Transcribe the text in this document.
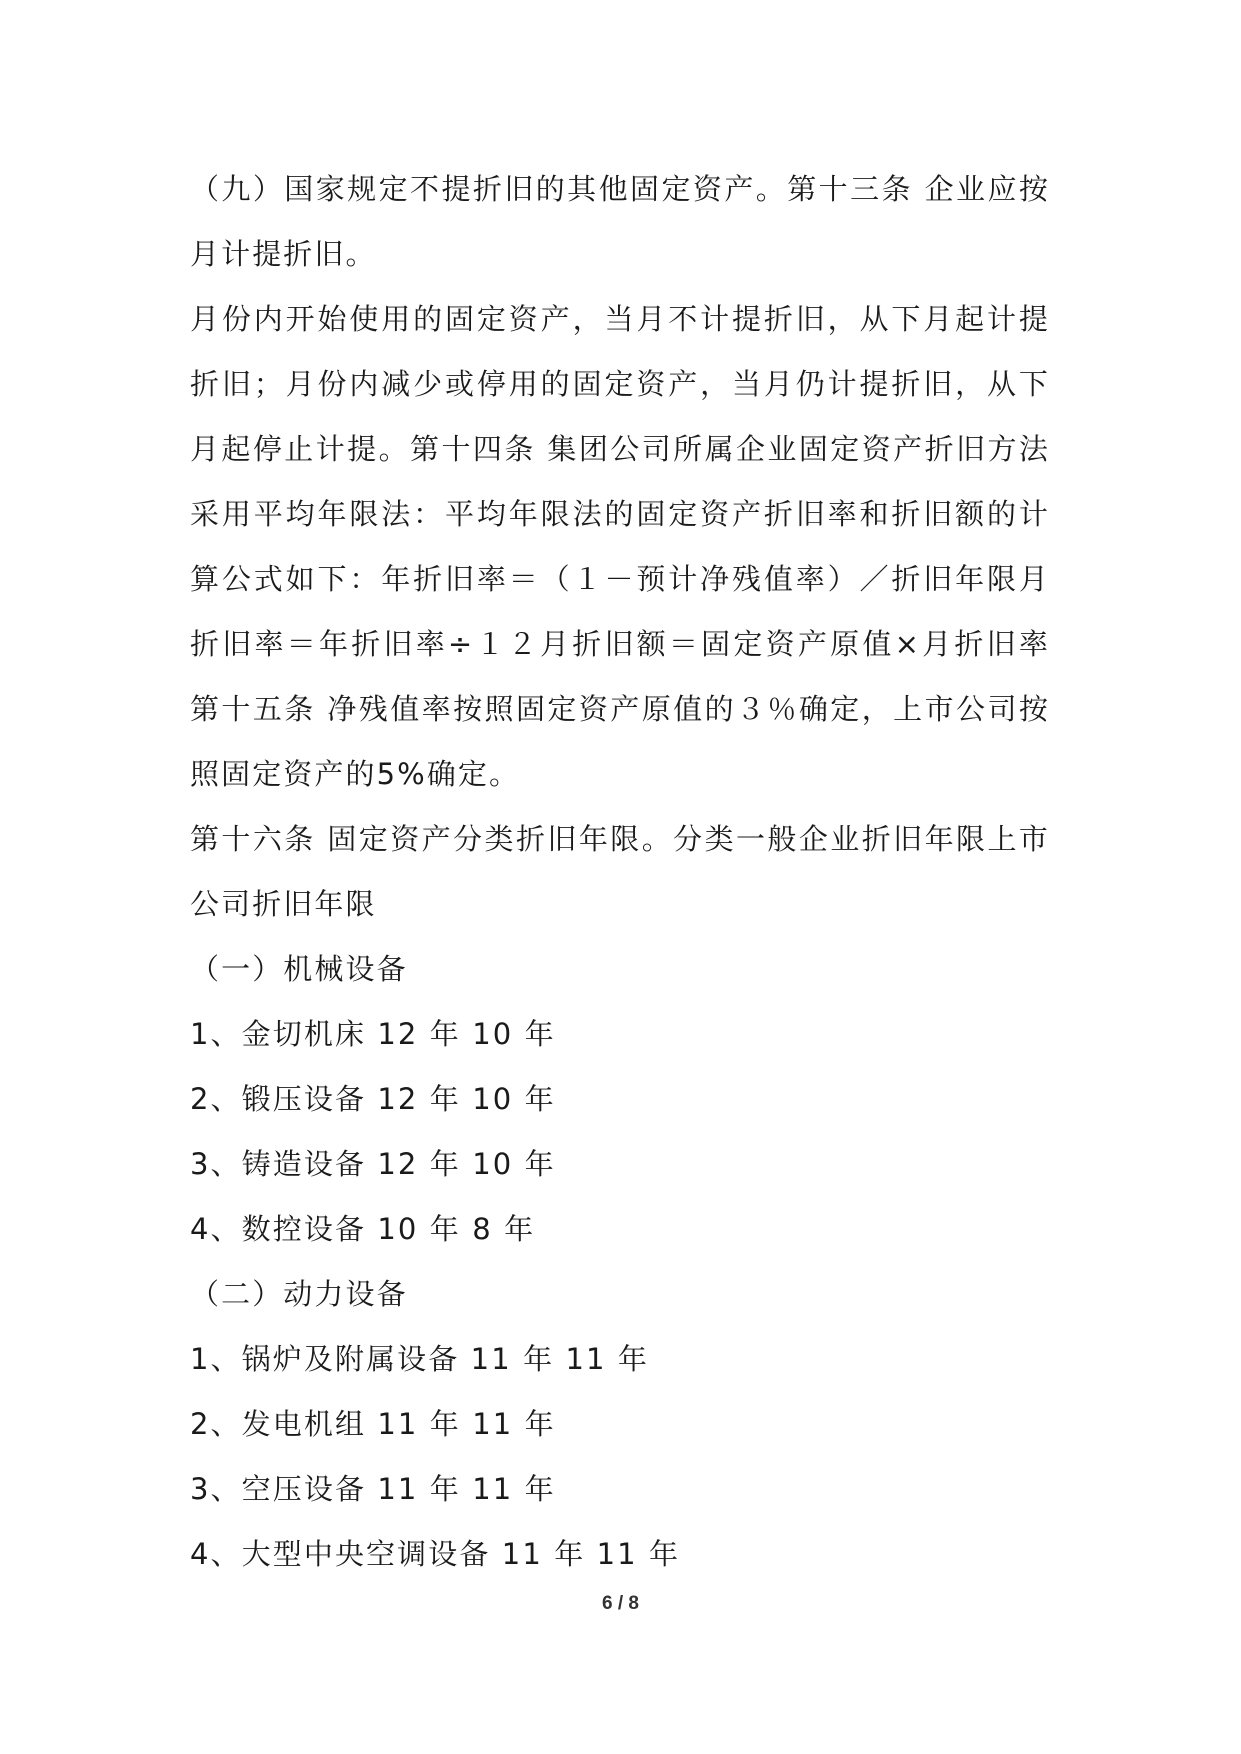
（九）国家规定不提折旧的其他固定资产。第十三条 企业应按月计提折旧。

月份内开始使用的固定资产，当月不计提折旧，从下月起计提折旧；月份内减少或停用的固定资产，当月仍计提折旧，从下月起停止计提。第十四条 集团公司所属企业固定资产折旧方法采用平均年限法：平均年限法的固定资产折旧率和折旧额的计算公式如下：年折旧率＝（１－预计净残值率）／折旧年限月折旧率＝年折旧率÷１２月折旧额＝固定资产原值×月折旧率第十五条 净残值率按照固定资产原值的３％确定，上市公司按照固定资产的5%确定。

第十六条 固定资产分类折旧年限。分类一般企业折旧年限上市公司折旧年限

（一）机械设备

1、金切机床 12 年 10 年

2、锻压设备 12 年 10 年

3、铸造设备 12 年 10 年

4、数控设备 10 年 8 年

（二）动力设备

1、锅炉及附属设备 11 年 11 年

2、发电机组 11 年 11 年

3、空压设备 11 年 11 年

4、大型中央空调设备 11 年 11 年

6 / 8
